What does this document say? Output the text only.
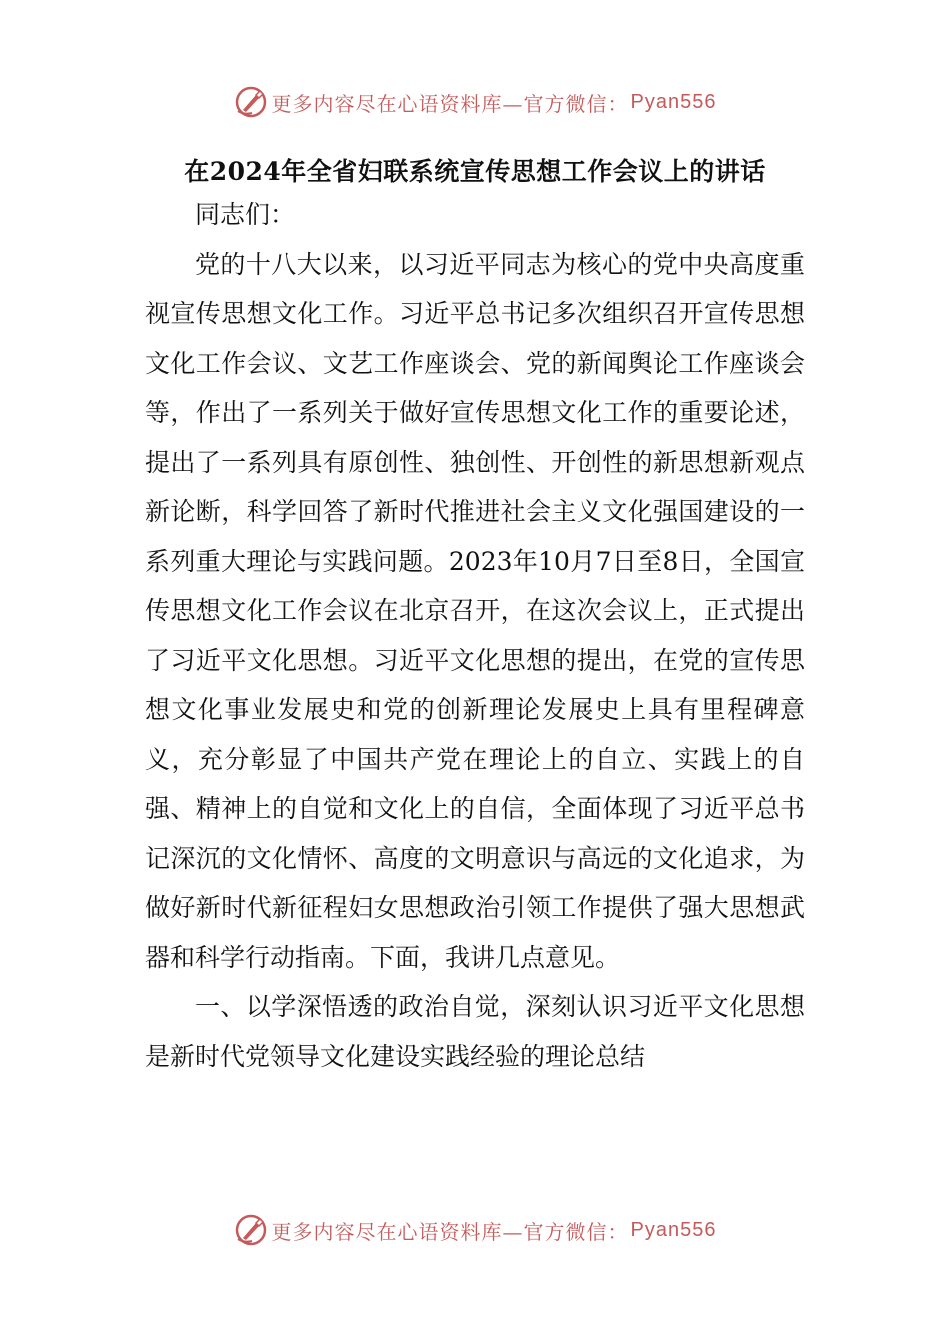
更多内容尽在心语资料库—官方微信： Pyan556
在2024年全省妇联系统宣传思想工作会议上的讲话

同志们：

党的十八大以来，以习近平同志为核心的党中央高度重视宣传思想文化工作。习近平总书记多次组织召开宣传思想文化工作会议、文艺工作座谈会、党的新闻舆论工作座谈会等，作出了一系列关于做好宣传思想文化工作的重要论述，提出了一系列具有原创性、独创性、开创性的新思想新观点新论断，科学回答了新时代推进社会主义文化强国建设的一系列重大理论与实践问题。2023年10月7日至8日，全国宣传思想文化工作会议在北京召开，在这次会议上，正式提出了习近平文化思想。习近平文化思想的提出，在党的宣传思想文化事业发展史和党的创新理论发展史上具有里程碑意义，充分彰显了中国共产党在理论上的自立、实践上的自强、精神上的自觉和文化上的自信，全面体现了习近平总书记深沉的文化情怀、高度的文明意识与高远的文化追求，为做好新时代新征程妇女思想政治引领工作提供了强大思想武器和科学行动指南。下面，我讲几点意见。

一、以学深悟透的政治自觉，深刻认识习近平文化思想是新时代党领导文化建设实践经验的理论总结

更多内容尽在心语资料库—官方微信： Pyan556
